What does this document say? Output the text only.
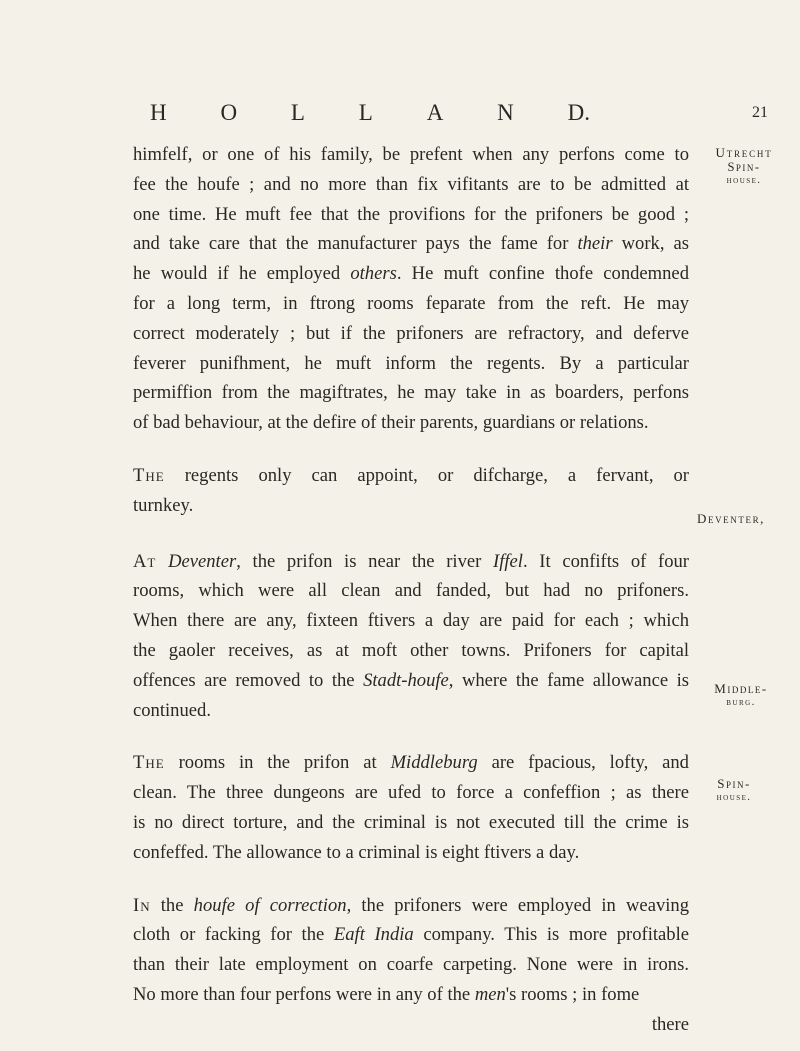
H O L L A N D.	21
himfelf, or one of his family, be prefent when any perfons come to
fee the houfe ; and no more than fix vifitants are to be admitted at
one time. He muft fee that the provifions for the prifoners be good ;
and take care that the manufacturer pays the fame for their work, as
he would if he employed others. He muft confine thofe condemned
for a long term, in ftrong rooms feparate from the reft. He may
correct moderately ; but if the prifoners are refractory, and deferve
feverer punifhment, he muft inform the regents. By a particular
permiffion from the magiftrates, he may take in as boarders, perfons
of bad behaviour, at the defire of their parents, guardians or relations.
The regents only can appoint, or difcharge, a fervant, or
turnkey.
At Deventer, the prifon is near the river Iffel. It confifts of four
rooms, which were all clean and fanded, but had no prifoners.
When there are any, fixteen ftivers a day are paid for each ; which
the gaoler receives, as at moft other towns. Prifoners for capital
offences are removed to the Stadt-houfe, where the fame allowance is
continued.
The rooms in the prifon at Middleburg are fpacious, lofty, and
clean. The three dungeons are ufed to force a confeffion ; as there
is no direct torture, and the criminal is not executed till the crime is
confeffed. The allowance to a criminal is eight ftivers a day.
In the houfe of correction, the prifoners were employed in weaving
cloth or facking for the Eaft India company. This is more profitable
than their late employment on coarfe carpeting. None were in irons.
No more than four perfons were in any of the men's rooms ; in fome
there
Utrecht
Spin-
house.
Deventer,
Middle-
burg.
Spin-
house.
